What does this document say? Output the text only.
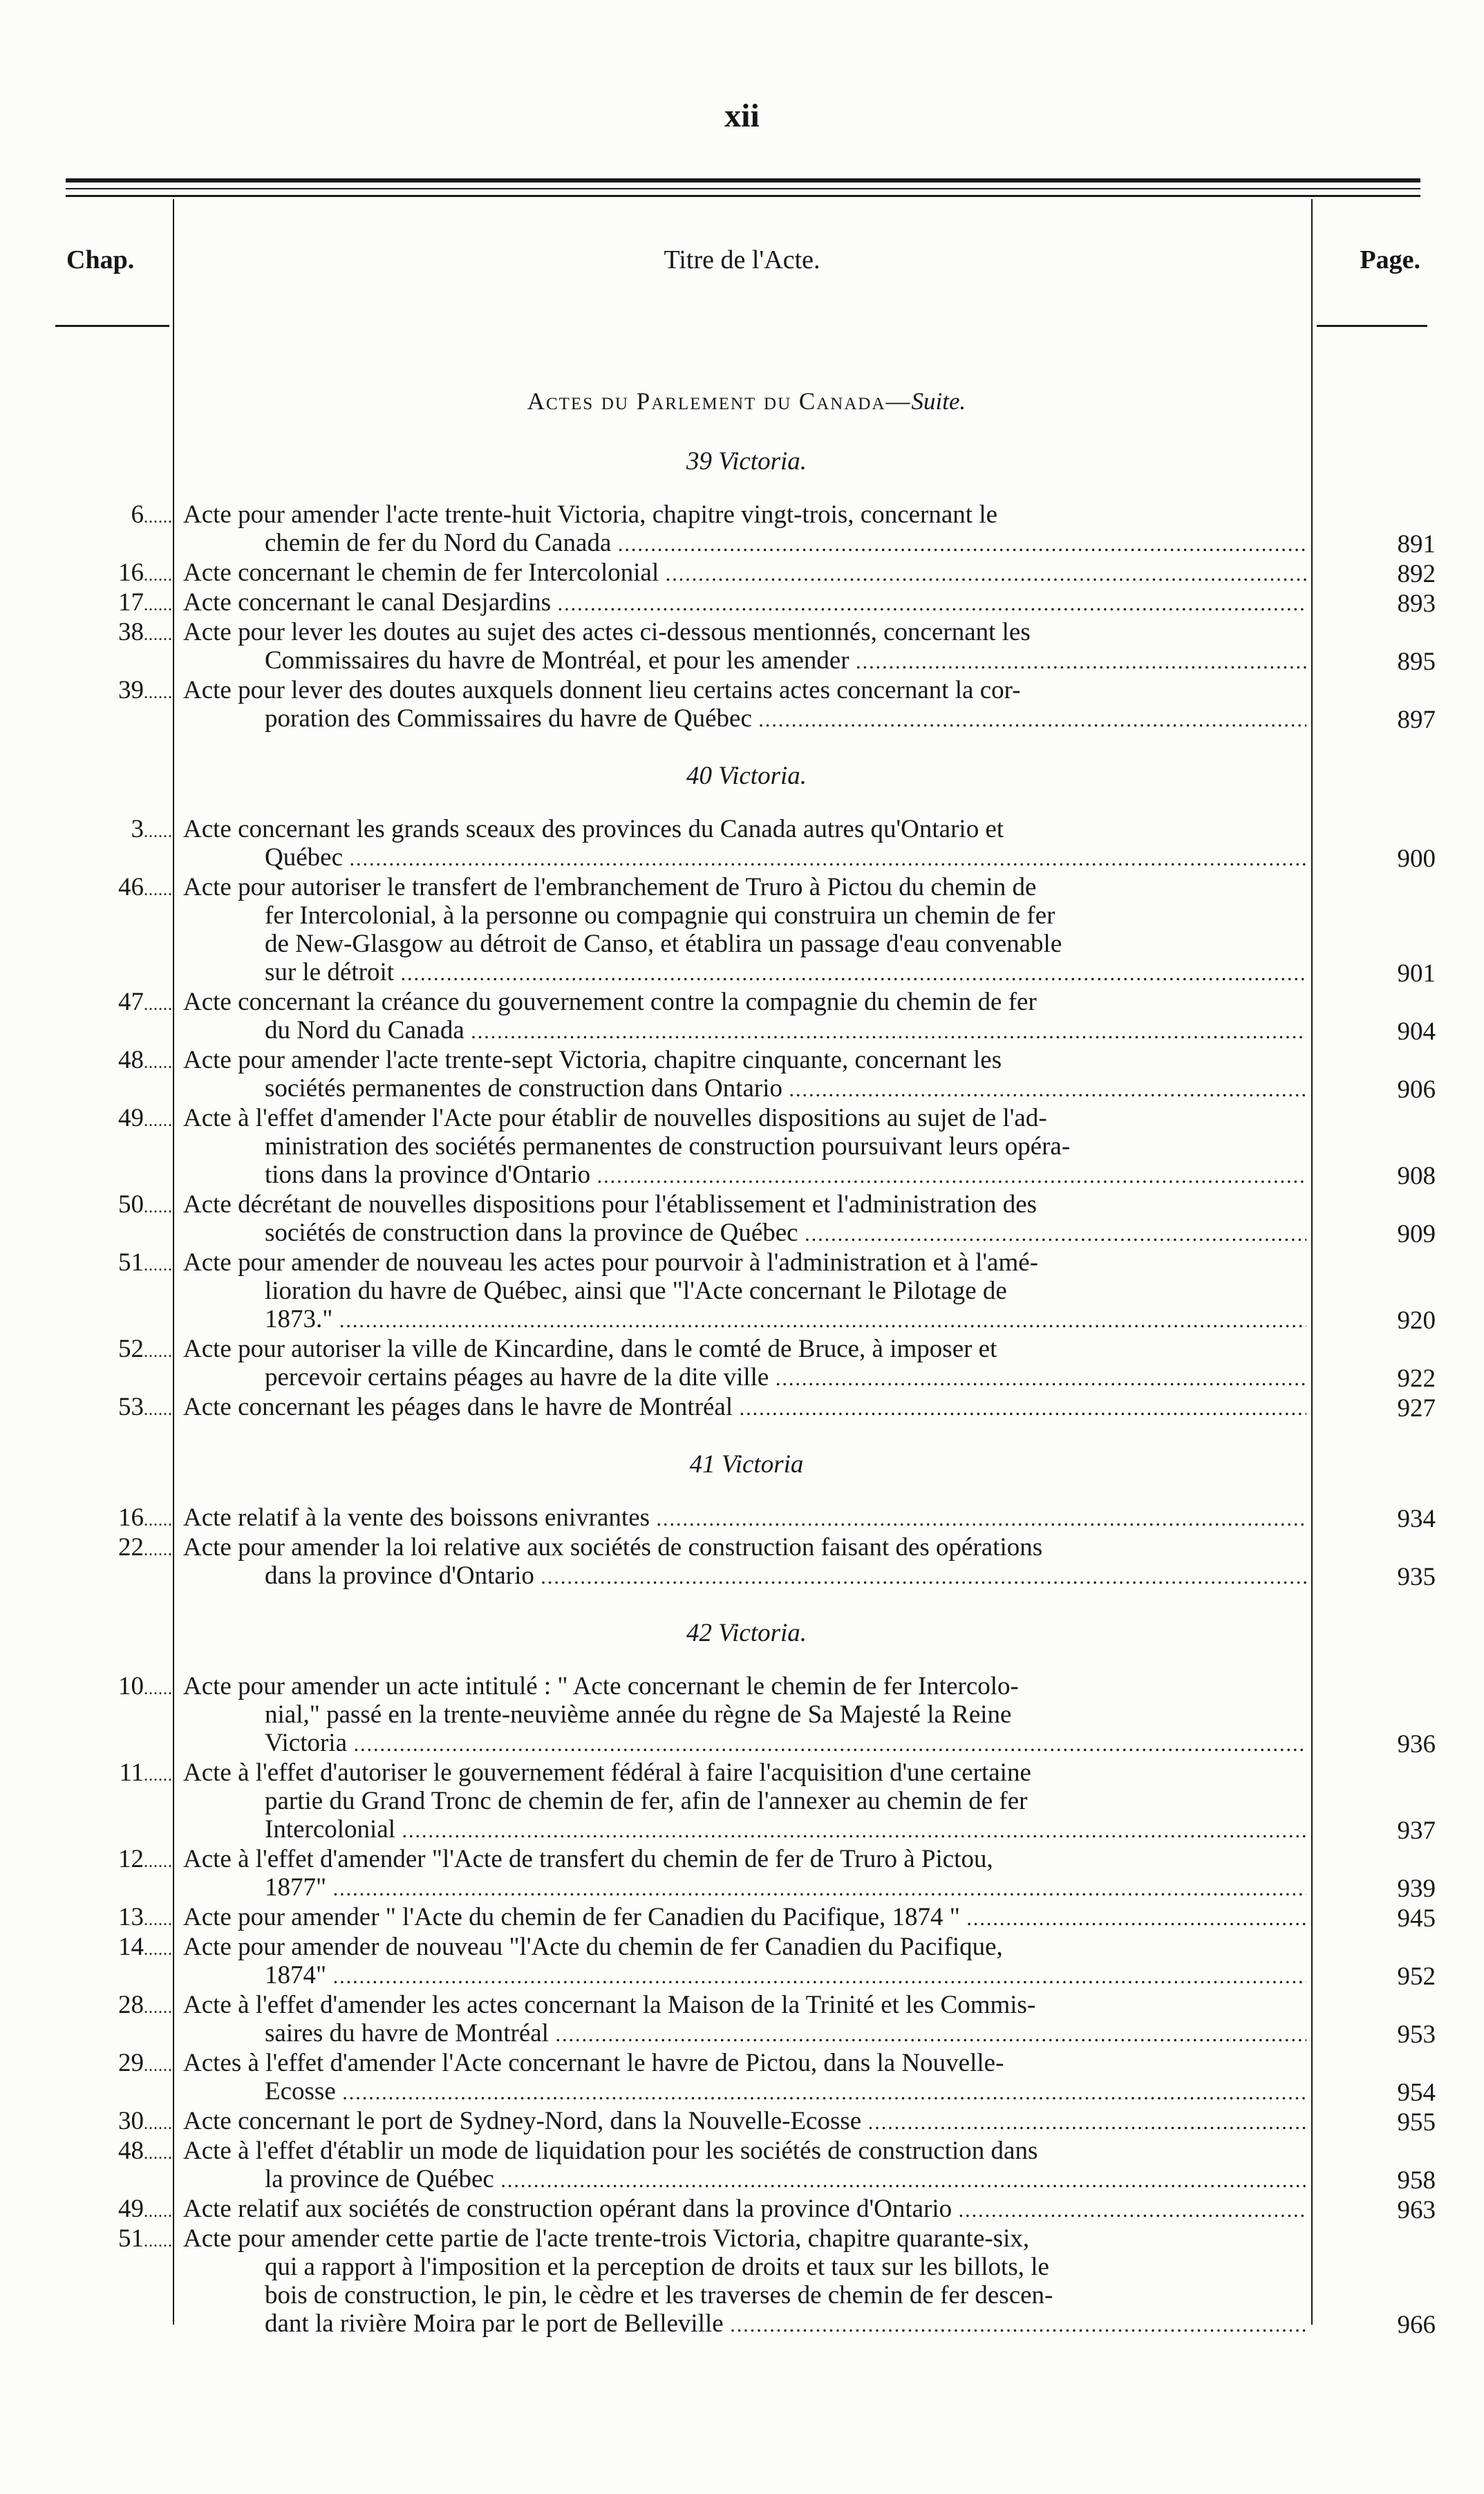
xii
Chap.	Titre de l'Acte.	Page.
Actes du Parlement du Canada—Suite.
39 Victoria.
6 ......	Acte pour amender l'acte trente-huit Victoria, chapitre vingt-trois, concernant le
chemin de fer du Nord du Canada .....	891
16 ......	Acte concernant le chemin de fer Intercolonial .....	892
17 ......	Acte concernant le canal Desjardins .....	893
38 ......	Acte pour lever les doutes au sujet des actes ci-dessous mentionnés, concernant les
Commissaires du havre de Montréal, et pour les amender .....	895
39 ......	Acte pour lever des doutes auxquels donnent lieu certains actes concernant la cor-
poration des Commissaires du havre de Québec .....	897
40 Victoria.
3 ......	Acte concernant les grands sceaux des provinces du Canada autres qu'Ontario et
Québec .....	900
46 ......	Acte pour autoriser le transfert de l'embranchement de Truro à Pictou du chemin de
fer Intercolonial, à la personne ou compagnie qui construira un chemin de fer
de New-Glasgow au détroit de Canso, et établira un passage d'eau convenable
sur le détroit .....	901
47 ......	Acte concernant la créance du gouvernement contre la compagnie du chemin de fer
du Nord du Canada .....	904
48 ......	Acte pour amender l'acte trente-sept Victoria, chapitre cinquante, concernant les
sociétés permanentes de construction dans Ontario .....	906
49 ......	Acte à l'effet d'amender l'Acte pour établir de nouvelles dispositions au sujet de l'ad-
ministration des sociétés permanentes de construction poursuivant leurs opéra-
tions dans la province d'Ontario .....	908
50 ......	Acte décrétant de nouvelles dispositions pour l'établissement et l'administration des
sociétés de construction dans la province de Québec .....	909
51 ......	Acte pour amender de nouveau les actes pour pourvoir à l'administration et à l'amé-
lioration du havre de Québec, ainsi que "l'Acte concernant le Pilotage de
1873." .....	920
52 ......	Acte pour autoriser la ville de Kincardine, dans le comté de Bruce, à imposer et
percevoir certains péages au havre de la dite ville .....	922
53 ......	Acte concernant les péages dans le havre de Montréal .....	927
41 Victoria
16 ......	Acte relatif à la vente des boissons enivrantes .....	934
22 ......	Acte pour amender la loi relative aux sociétés de construction faisant des opérations
dans la province d'Ontario .....	935
42 Victoria.
10 ......	Acte pour amender un acte intitulé : " Acte concernant le chemin de fer Intercolo-
nial," passé en la trente-neuvième année du règne de Sa Majesté la Reine
Victoria .....	936
11 ......	Acte à l'effet d'autoriser le gouvernement fédéral à faire l'acquisition d'une certaine
partie du Grand Tronc de chemin de fer, afin de l'annexer au chemin de fer
Intercolonial .....	937
12 ......	Acte à l'effet d'amender "l'Acte de transfert du chemin de fer de Truro à Pictou,
1877" .....	939
13 ......	Acte pour amender " l'Acte du chemin de fer Canadien du Pacifique, 1874 " .....	945
14 ......	Acte pour amender de nouveau "l'Acte du chemin de fer Canadien du Pacifique,
1874" .....	952
28 ......	Acte à l'effet d'amender les actes concernant la Maison de la Trinité et les Commis-
saires du havre de Montréal .....	953
29 ......	Actes à l'effet d'amender l'Acte concernant le havre de Pictou, dans la Nouvelle-
Ecosse .....	954
30 ......	Acte concernant le port de Sydney-Nord, dans la Nouvelle-Ecosse .....	955
48 ......	Acte à l'effet d'établir un mode de liquidation pour les sociétés de construction dans
la province de Québec .....	958
49 ......	Acte relatif aux sociétés de construction opérant dans la province d'Ontario .....	963
51 ......	Acte pour amender cette partie de l'acte trente-trois Victoria, chapitre quarante-six,
qui a rapport à l'imposition et la perception de droits et taux sur les billots, le
bois de construction, le pin, le cèdre et les traverses de chemin de fer descen-
dant la rivière Moira par le port de Belleville .....	966
